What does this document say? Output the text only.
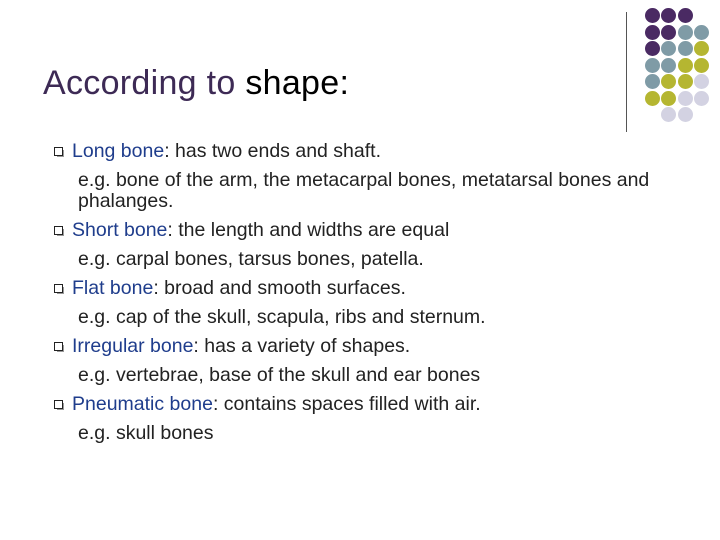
According to shape:
Long bone: has two ends and shaft.
e.g. bone of the arm, the metacarpal bones, metatarsal bones and phalanges.
Short bone: the length and widths are equal
e.g. carpal bones, tarsus bones, patella.
Flat bone: broad and smooth surfaces.
e.g. cap of the skull, scapula, ribs and sternum.
Irregular bone: has a variety of shapes.
e.g. vertebrae, base of the skull and ear bones
Pneumatic bone: contains spaces filled with air.
e.g. skull bones
